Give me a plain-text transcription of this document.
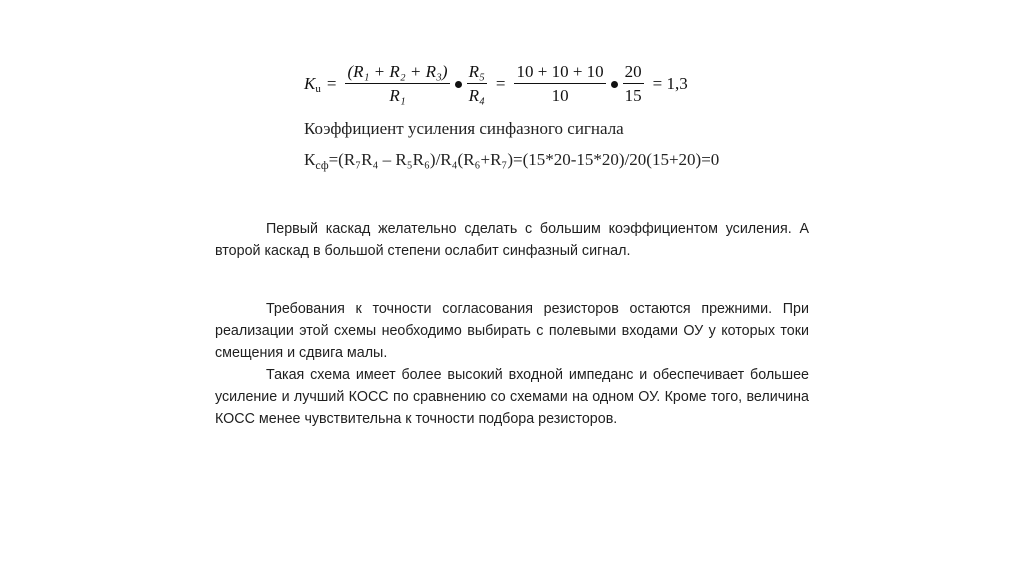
$K_u = \frac{\text{(R₁ + R₂ + R₃)}}{\text{R₁}} \frac{\text{R₅}}{\text{R₄}} = \frac{10 + 10 + 10}{10} \frac{20}{15} = 1,3$
Коэффициент усиления синфазного сигнала
$К_{сф}=(R_7R_4 - R_5R_6)/R_4(R_6+R_7)=(15*20-15*20)/20(15+20)=0$

Первый каскад желательно сделать с большим коэффициентом усиления. А второй каскад в большой степени ослабит синфазный сигнал.

Требования к точности согласования резисторов остаются прежними. При реализации этой схемы необходимо выбирать с полевыми входами ОУ у которых токи смещения и сдвига малы.

Такая схема имеет более высокий входной импеданс и обеспечивает большее усиление и лучший КОСС по сравнению со схемами на одном ОУ. Кроме того, величина КОСС менее чувствительна к точности подбора резисторов.
